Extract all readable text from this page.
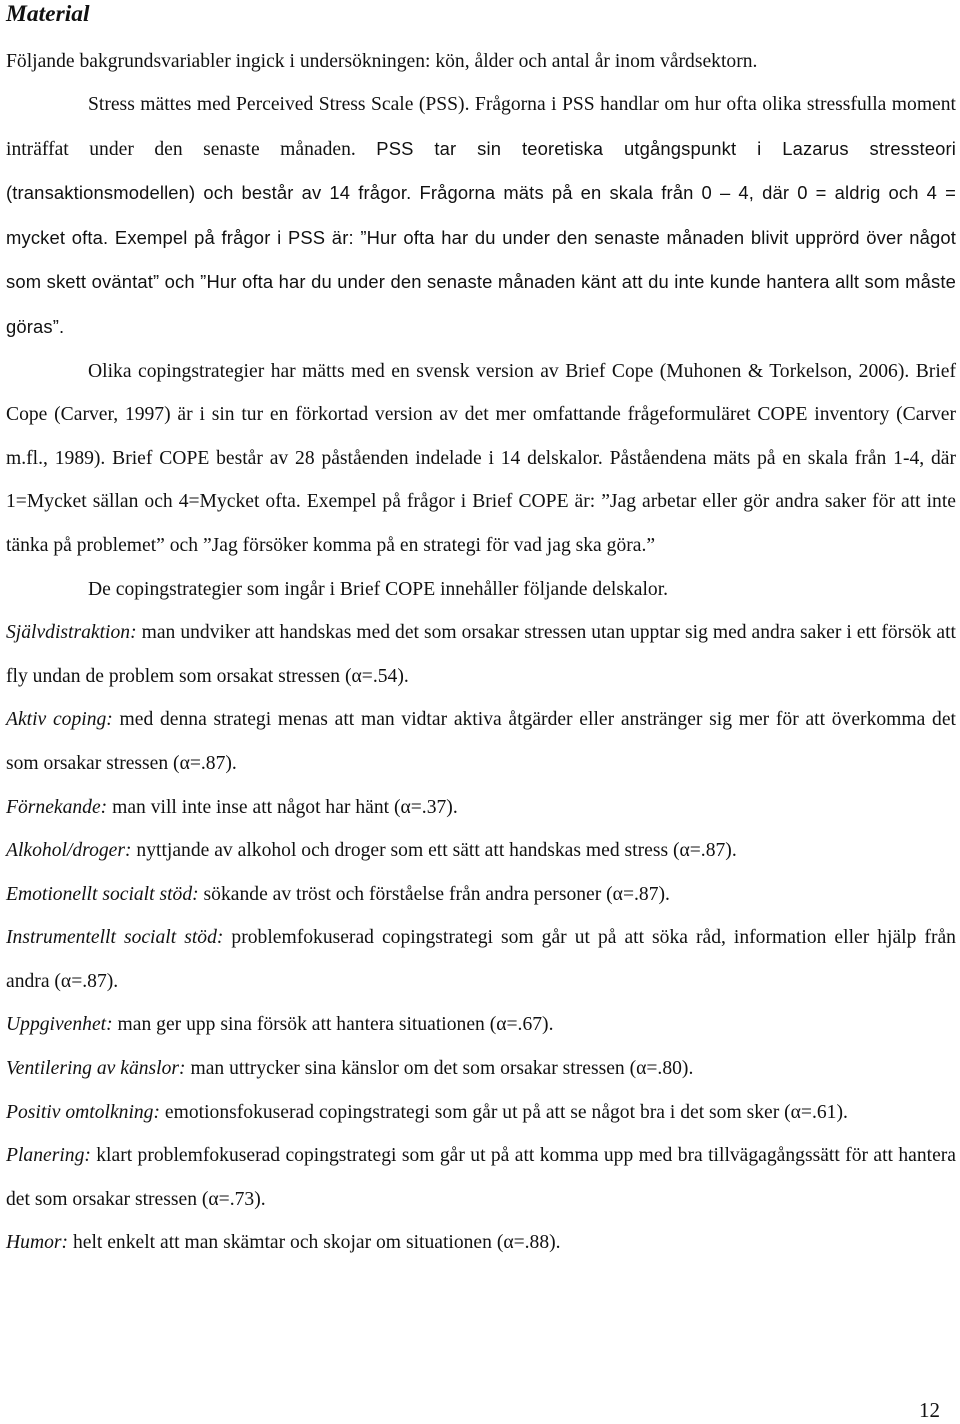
Material

Följande bakgrundsvariabler ingick i undersökningen: kön, ålder och antal år inom vårdsektorn.

Stress mättes med Perceived Stress Scale (PSS). Frågorna i PSS handlar om hur ofta olika stressfulla moment inträffat under den senaste månaden. PSS tar sin teoretiska utgångspunkt i Lazarus stressteori (transaktionsmodellen) och består av 14 frågor. Frågorna mäts på en skala från 0 – 4, där 0 = aldrig och 4 = mycket ofta. Exempel på frågor i PSS är: ”Hur ofta har du under den senaste månaden blivit upprörd över något som skett oväntat” och ”Hur ofta har du under den senaste månaden känt att du inte kunde hantera allt som måste göras”.

Olika copingstrategier har mätts med en svensk version av Brief Cope (Muhonen & Torkelson, 2006). Brief Cope (Carver, 1997) är i sin tur en förkortad version av det mer omfattande frågeformuläret COPE inventory (Carver m.fl., 1989). Brief COPE består av 28 påståenden indelade i 14 delskalor. Påståendena mäts på en skala från 1-4, där 1=Mycket sällan och 4=Mycket ofta. Exempel på frågor i Brief COPE är: ”Jag arbetar eller gör andra saker för att inte tänka på problemet” och ”Jag försöker komma på en strategi för vad jag ska göra.”

De copingstrategier som ingår i Brief COPE innehåller följande delskalor.

Självdistraktion: man undviker att handskas med det som orsakar stressen utan upptar sig med andra saker i ett försök att fly undan de problem som orsakat stressen (α=.54).

Aktiv coping: med denna strategi menas att man vidtar aktiva åtgärder eller anstränger sig mer för att överkomma det som orsakar stressen (α=.87).

Förnekande: man vill inte inse att något har hänt (α=.37).

Alkohol/droger: nyttjande av alkohol och droger som ett sätt att handskas med stress (α=.87).

Emotionellt socialt stöd: sökande av tröst och förståelse från andra personer (α=.87).

Instrumentellt socialt stöd: problemfokuserad copingstrategi som går ut på att söka råd, information eller hjälp från andra (α=.87).

Uppgivenhet: man ger upp sina försök att hantera situationen (α=.67).

Ventilering av känslor: man uttrycker sina känslor om det som orsakar stressen (α=.80).

Positiv omtolkning: emotionsfokuserad copingstrategi som går ut på att se något bra i det som sker (α=.61).

Planering: klart problemfokuserad copingstrategi som går ut på att komma upp med bra tillvägagångssätt för att hantera det som orsakar stressen (α=.73).

Humor: helt enkelt att man skämtar och skojar om situationen (α=.88).

12
